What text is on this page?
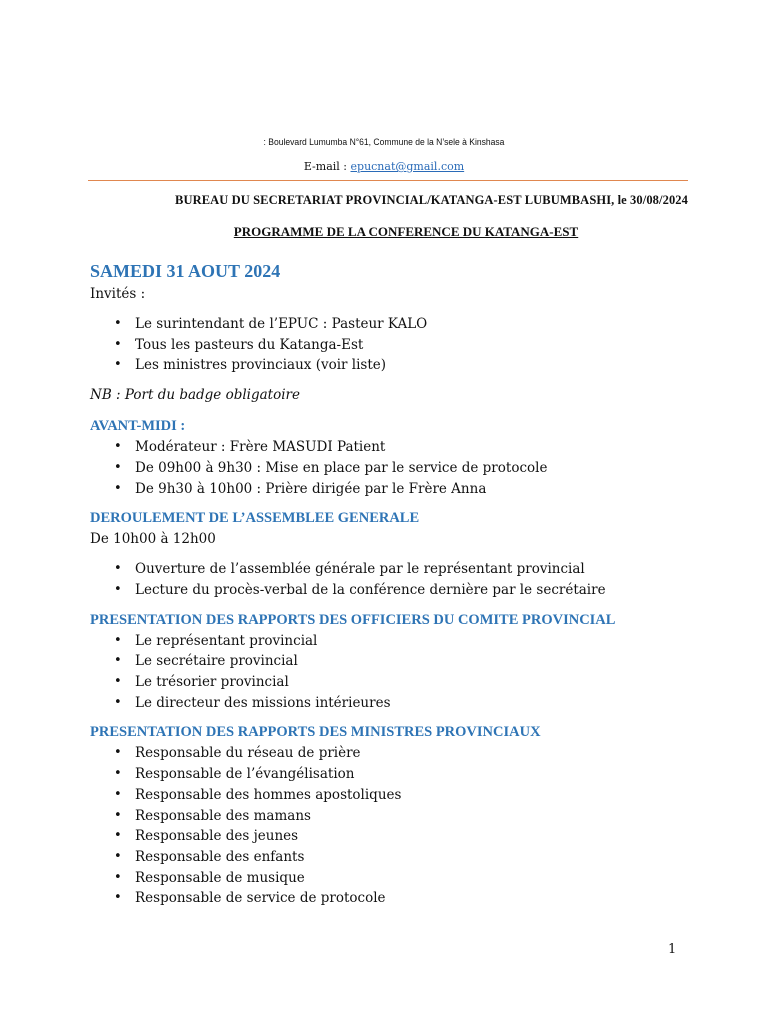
: Boulevard Lumumba N°61, Commune de la N’sele à Kinshasa
E-mail : epucnat@gmail.com
BUREAU DU SECRETARIAT PROVINCIAL/KATANGA-EST LUBUMBASHI, le 30/08/2024
PROGRAMME DE LA CONFERENCE DU KATANGA-EST
SAMEDI 31 AOUT 2024

Invités :

• Le surintendant de l’EPUC : Pasteur KALO
• Tous les pasteurs du Katanga-Est
• Les ministres provinciaux (voir liste)

NB : Port du badge obligatoire

AVANT-MIDI :
• Modérateur : Frère MASUDI Patient
• De 09h00 à 9h30 : Mise en place par le service de protocole
• De 9h30 à 10h00 : Prière dirigée par le Frère Anna
DEROULEMENT DE L’ASSEMBLEE GENERALE

De 10h00 à 12h00

• Ouverture de l’assemblée générale par le représentant provincial
• Lecture du procès-verbal de la conférence dernière par le secrétaire
PRESENTATION DES RAPPORTS DES OFFICIERS DU COMITE PROVINCIAL
• Le représentant provincial
• Le secrétaire provincial
• Le trésorier provincial
• Le directeur des missions intérieures
PRESENTATION DES RAPPORTS DES MINISTRES PROVINCIAUX
• Responsable du réseau de prière
• Responsable de l’évangélisation
• Responsable des hommes apostoliques
• Responsable des mamans
• Responsable des jeunes
• Responsable des enfants
• Responsable de musique
• Responsable de service de protocole
1
